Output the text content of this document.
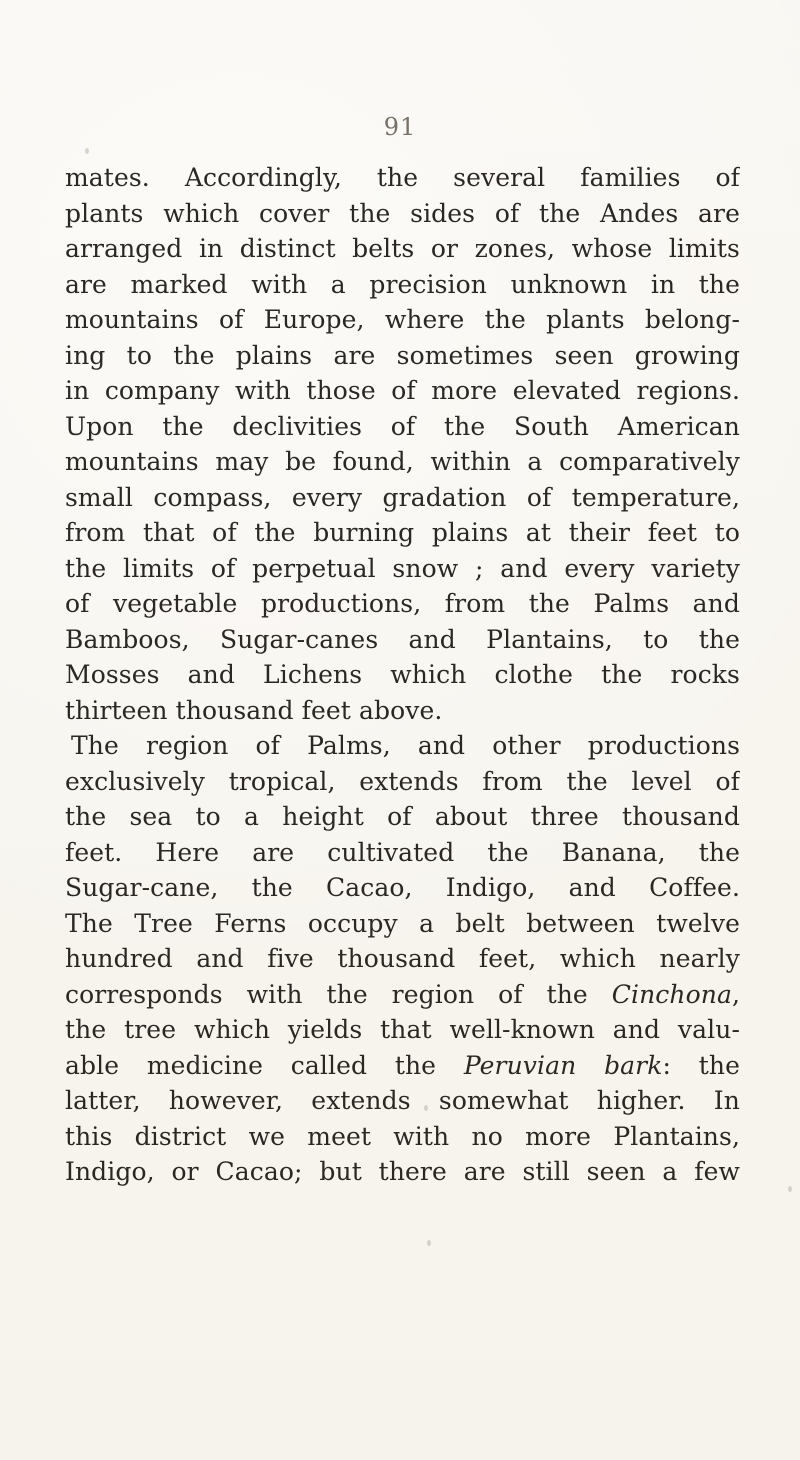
91
mates. Accordingly, the several families of
plants which cover the sides of the Andes are
arranged in distinct belts or zones, whose limits
are marked with a precision unknown in the
mountains of Europe, where the plants belong-
ing to the plains are sometimes seen growing
in company with those of more elevated regions.
Upon the declivities of the South American
mountains may be found, within a comparatively
small compass, every gradation of temperature,
from that of the burning plains at their feet to
the limits of perpetual snow ; and every variety
of vegetable productions, from the Palms and
Bamboos, Sugar-canes and Plantains, to the
Mosses and Lichens which clothe the rocks
thirteen thousand feet above.
The region of Palms, and other productions
exclusively tropical, extends from the level of
the sea to a height of about three thousand
feet. Here are cultivated the Banana, the
Sugar-cane, the Cacao, Indigo, and Coffee.
The Tree Ferns occupy a belt between twelve
hundred and five thousand feet, which nearly
corresponds with the region of the Cinchona,
the tree which yields that well-known and valu-
able medicine called the Peruvian bark: the
latter, however, extends somewhat higher. In
this district we meet with no more Plantains,
Indigo, or Cacao; but there are still seen a few
